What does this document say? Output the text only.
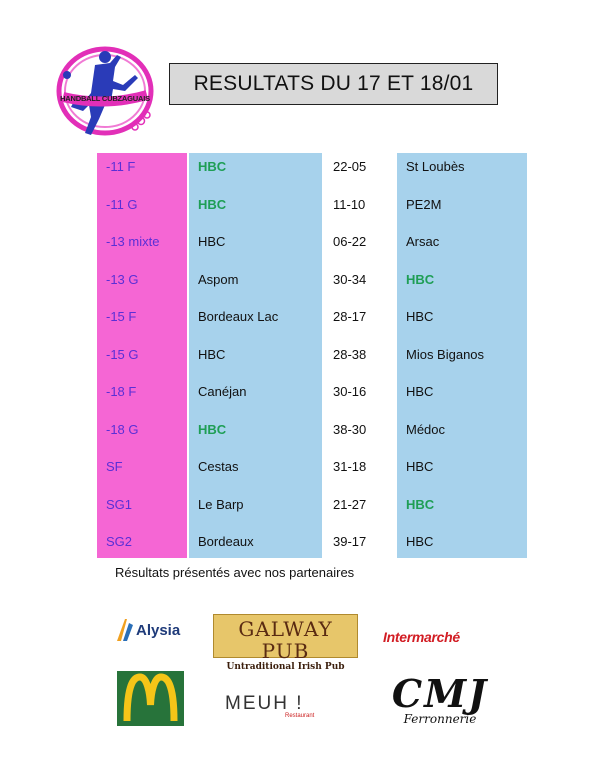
HANDBALL CUBZAGUAIS
RESULTATS DU 17 ET 18/01
-11 F	HBC	22-05	St Loubès
-11 G	HBC	11-10	PE2M
-13 mixte	HBC	06-22	Arsac
-13 G	Aspom	30-34	HBC
-15 F	Bordeaux Lac	28-17	HBC
-15 G	HBC	28-38	Mios Biganos
-18 F	Canéjan	30-16	HBC
-18 G	HBC	38-30	Médoc
SF	Cestas	31-18	HBC
SG1	Le Barp	21-27	HBC
SG2	Bordeaux	39-17	HBC
Résultats présentés avec nos partenaires
Alysia	GALWAY PUB
Untraditional Irish Pub
Intermarché
MEUH !
Restaurant CMJ
Ferronnerie
